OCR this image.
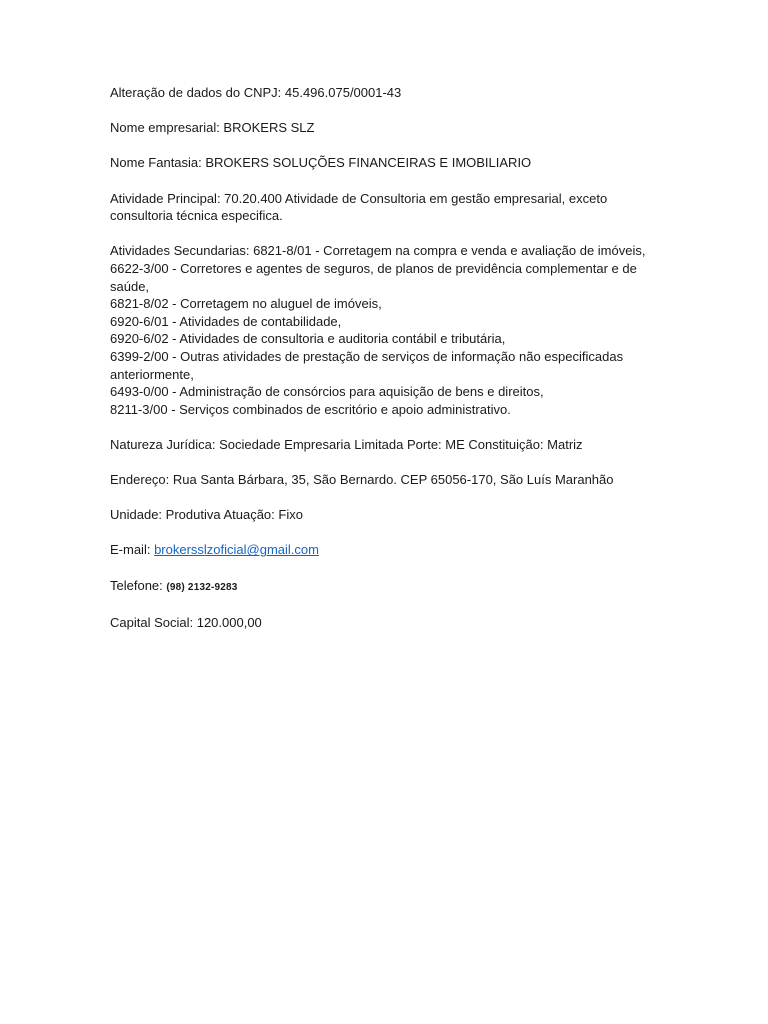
Alteração de dados do CNPJ: 45.496.075/0001-43

Nome empresarial: BROKERS SLZ

Nome Fantasia: BROKERS SOLUÇÕES FINANCEIRAS E IMOBILIARIO

Atividade Principal: 70.20.400 Atividade de Consultoria em gestão empresarial, exceto
consultoria técnica especifica.

Atividades Secundarias: 6821-8/01 - Corretagem na compra e venda e avaliação de imóveis,
6622-3/00 - Corretores e agentes de seguros, de planos de previdência complementar e de
saúde,
6821-8/02 - Corretagem no aluguel de imóveis,
6920-6/01 - Atividades de contabilidade,
6920-6/02 - Atividades de consultoria e auditoria contábil e tributária,
6399-2/00 - Outras atividades de prestação de serviços de informação não especificadas
anteriormente,
6493-0/00 - Administração de consórcios para aquisição de bens e direitos,
8211-3/00 - Serviços combinados de escritório e apoio administrativo.

Natureza Jurídica: Sociedade Empresaria Limitada Porte: ME Constituição: Matriz

Endereço: Rua Santa Bárbara, 35, São Bernardo. CEP 65056-170, São Luís Maranhão

Unidade: Produtiva Atuação: Fixo

E-mail: brokersslzoficial@gmail.com

Telefone: (98) 2132-9283

Capital Social: 120.000,00
